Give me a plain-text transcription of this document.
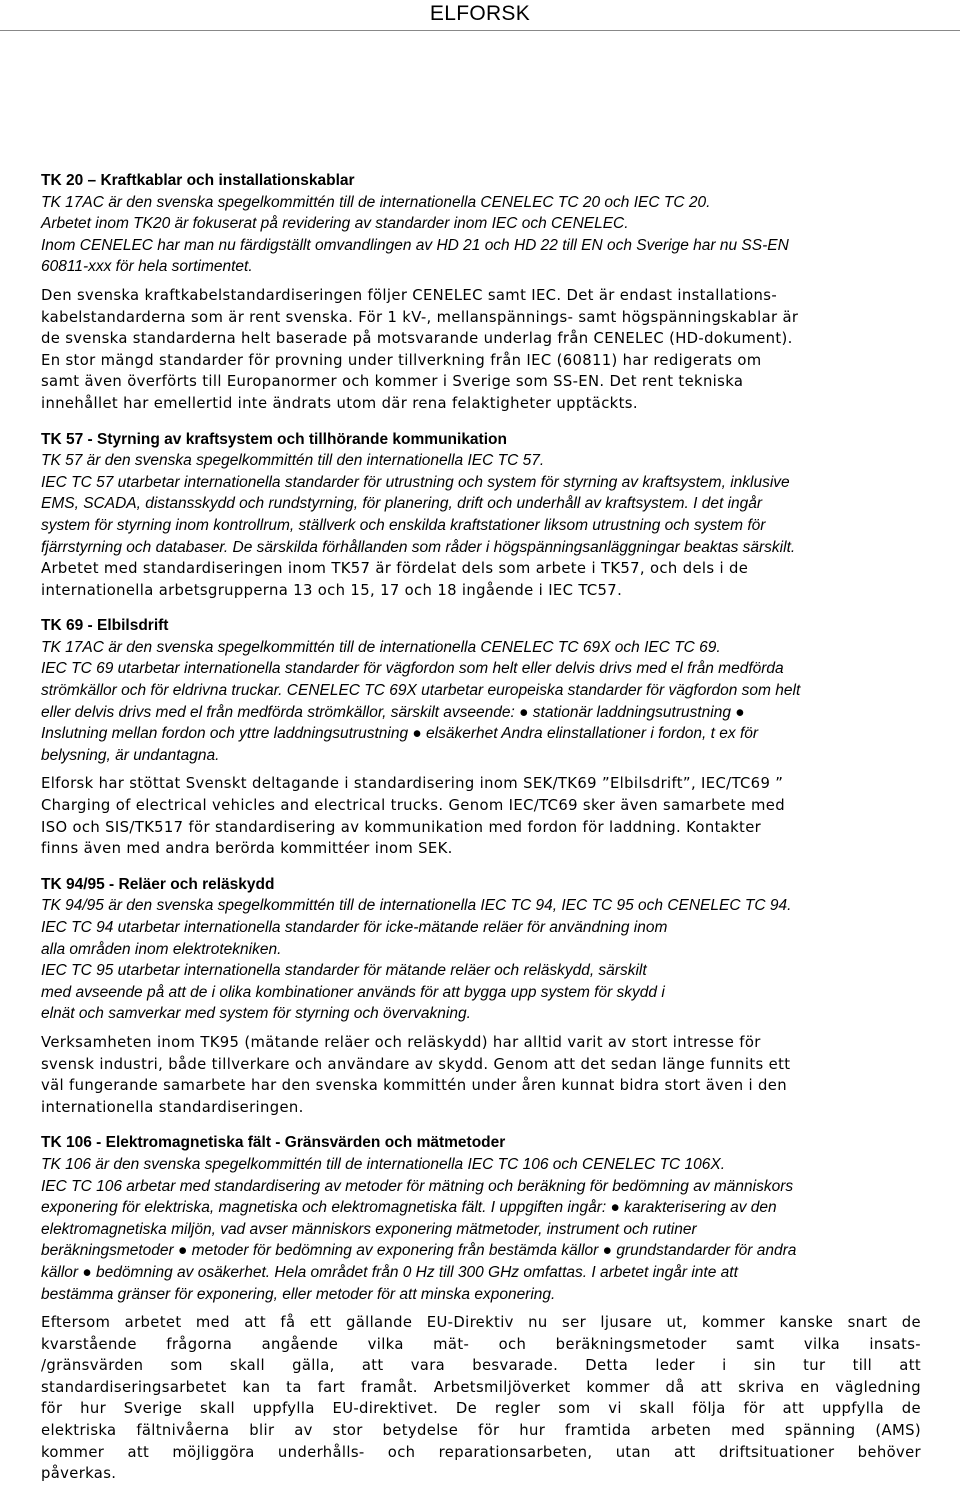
ELFORSK
TK 20 – Kraftkablar och installationskablar
TK 17AC är den svenska spegelkommittén till de internationella CENELEC TC 20 och IEC TC 20.
Arbetet inom TK20 är fokuserat på revidering av standarder inom IEC och CENELEC.
Inom CENELEC har man nu färdigställt omvandlingen av HD 21 och HD 22 till EN och Sverige har nu SS-EN
60811-xxx för hela sortimentet.
Den svenska kraftkabelstandardiseringen följer CENELEC samt IEC. Det är endast installations-
kabelstandarderna som är rent svenska. För 1 kV-, mellanspännings- samt högspänningskablar är
de svenska standarderna helt baserade på motsvarande underlag från CENELEC (HD-dokument).
En stor mängd standarder för provning under tillverkning från IEC (60811) har redigerats om
samt även överförts till Europanormer och kommer i Sverige som SS-EN. Det rent tekniska
innehållet har emellertid inte ändrats utom där rena felaktigheter upptäckts.
TK 57 - Styrning av kraftsystem och tillhörande kommunikation
TK 57 är den svenska spegelkommittén till den internationella IEC TC 57.
IEC TC 57 utarbetar internationella standarder för utrustning och system för styrning av kraftsystem, inklusive
EMS, SCADA, distansskydd och rundstyrning, för planering, drift och underhåll av kraftsystem. I det ingår
system för styrning inom kontrollrum, ställverk och enskilda kraftstationer liksom utrustning och system för
fjärrstyrning och databaser. De särskilda förhållanden som råder i högspänningsanläggningar beaktas särskilt.
Arbetet med standardiseringen inom TK57 är fördelat dels som arbete i TK57, och dels i de
internationella arbetsgrupperna 13 och 15, 17 och 18 ingående i IEC TC57.
TK 69 - Elbilsdrift
TK 17AC är den svenska spegelkommittén till de internationella CENELEC TC 69X och IEC TC 69.
IEC TC 69 utarbetar internationella standarder för vägfordon som helt eller delvis drivs med el från medförda
strömkällor och för eldrivna truckar. CENELEC TC 69X utarbetar europeiska standarder för vägfordon som helt
eller delvis drivs med el från medförda strömkällor, särskilt avseende: ● stationär laddningsutrustning ●
Inslutning mellan fordon och yttre laddningsutrustning ● elsäkerhet Andra elinstallationer i fordon, t ex för
belysning, är undantagna.
Elforsk har stöttat Svenskt deltagande i standardisering inom SEK/TK69 ”Elbilsdrift”, IEC/TC69 ”
Charging of electrical vehicles and electrical trucks. Genom IEC/TC69 sker även samarbete med
ISO och SIS/TK517 för standardisering av kommunikation med fordon för laddning. Kontakter
finns även med andra berörda kommittéer inom SEK.
TK 94/95 - Reläer och reläskydd
TK 94/95 är den svenska spegelkommittén till de internationella IEC TC 94, IEC TC 95 och CENELEC TC 94.
IEC TC 94 utarbetar internationella standarder för icke-mätande reläer för användning inom
alla områden inom elektrotekniken.
IEC TC 95 utarbetar internationella standarder för mätande reläer och reläskydd, särskilt
med avseende på att de i olika kombinationer används för att bygga upp system för skydd i
elnät och samverkar med system för styrning och övervakning.
Verksamheten inom TK95 (mätande reläer och reläskydd) har alltid varit av stort intresse för
svensk industri, både tillverkare och användare av skydd. Genom att det sedan länge funnits ett
väl fungerande samarbete har den svenska kommittén under åren kunnat bidra stort även i den
internationella standardiseringen.
TK 106 - Elektromagnetiska fält - Gränsvärden och mätmetoder
TK 106 är den svenska spegelkommittén till de internationella IEC TC 106 och CENELEC TC 106X.
IEC TC 106 arbetar med standardisering av metoder för mätning och beräkning för bedömning av människors
exponering för elektriska, magnetiska och elektromagnetiska fält. I uppgiften ingår: ● karakterisering av den
elektromagnetiska miljön, vad avser människors exponering mätmetoder, instrument och rutiner
beräkningsmetoder ● metoder för bedömning av exponering från bestämda källor ● grundstandarder för andra
källor ● bedömning av osäkerhet. Hela området från 0 Hz till 300 GHz omfattas. I arbetet ingår inte att
bestämma gränser för exponering, eller metoder för att minska exponering.
Eftersom arbetet med att få ett gällande EU-Direktiv nu ser ljusare ut, kommer kanske snart de
kvarstående frågorna angående vilka mät- och beräkningsmetoder samt vilka insats-
/gränsvärden som skall gälla, att vara besvarade. Detta leder i sin tur till att
standardiseringsarbetet kan ta fart framåt. Arbetsmiljöverket kommer då att skriva en vägledning
för hur Sverige skall uppfylla EU-direktivet. De regler som vi skall följa för att uppfylla de
elektriska fältnivåerna blir av stor betydelse för hur framtida arbeten med spänning (AMS)
kommer att möjliggöra underhålls- och reparationsarbeten, utan att driftsituationer behöver
påverkas.
